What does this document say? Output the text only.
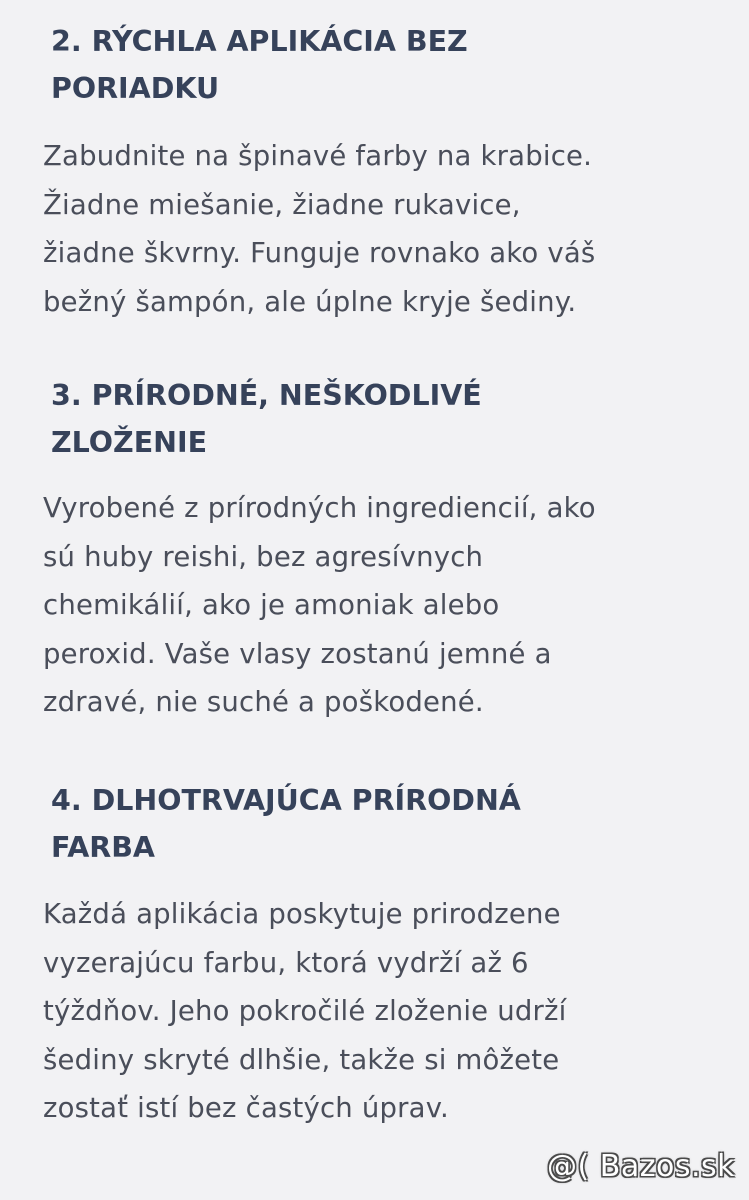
2. RÝCHLA APLIKÁCIA BEZ
PORIADKU

Zabudnite na špinavé farby na krabice.
Žiadne miešanie, žiadne rukavice,
žiadne škvrny. Funguje rovnako ako váš
bežný šampón, ale úplne kryje šediny.

3. PRÍRODNÉ, NEŠKODLIVÉ
ZLOŽENIE

Vyrobené z prírodných ingrediencií, ako
sú huby reishi, bez agresívnych
chemikálií, ako je amoniak alebo
peroxid. Vaše vlasy zostanú jemné a
zdravé, nie suché a poškodené.

4. DLHOTRVAJÚCA PRÍRODNÁ
FARBA

Každá aplikácia poskytuje prirodzene
vyzerajúcu farbu, ktorá vydrží až 6
týždňov. Jeho pokročilé zloženie udrží
šediny skryté dlhšie, takže si môžete
zostať istí bez častých úprav.

@( Bazos.sk
